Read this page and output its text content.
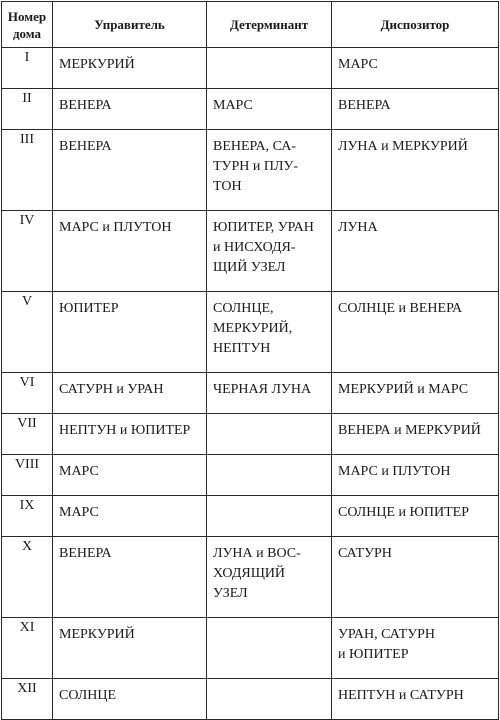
Номер
дома	Управитель	Детерминант	Диспозитор
I	МЕРКУРИЙ		МАРС

II	ВЕНЕРА	МАРС	ВЕНЕРА

III	ВЕНЕРА	ВЕНЕРА, СА-
ТУРН и ПЛУ-
ТОН	ЛУНА и МЕРКУРИЙ

IV	МАРС и ПЛУТОН	ЮПИТЕР, УРАН
и НИСХОДЯ-
ЩИЙ УЗЕЛ	ЛУНА

V	ЮПИТЕР	СОЛНЦЕ,
МЕРКУРИЙ,
НЕПТУН	СОЛНЦЕ и ВЕНЕРА

VI	САТУРН и УРАН	ЧЕРНАЯ ЛУНА	МЕРКУРИЙ и МАРС

VII	НЕПТУН и ЮПИТЕР		ВЕНЕРА и МЕРКУРИЙ

VIII	МАРС		МАРС и ПЛУТОН

IX	МАРС		СОЛНЦЕ и ЮПИТЕР

X	ВЕНЕРА	ЛУНА и ВОС-
ХОДЯЩИЙ
УЗЕЛ	САТУРН

XI	МЕРКУРИЙ		УРАН, САТУРН
и ЮПИТЕР

XII	СОЛНЦЕ		НЕПТУН и САТУРН
